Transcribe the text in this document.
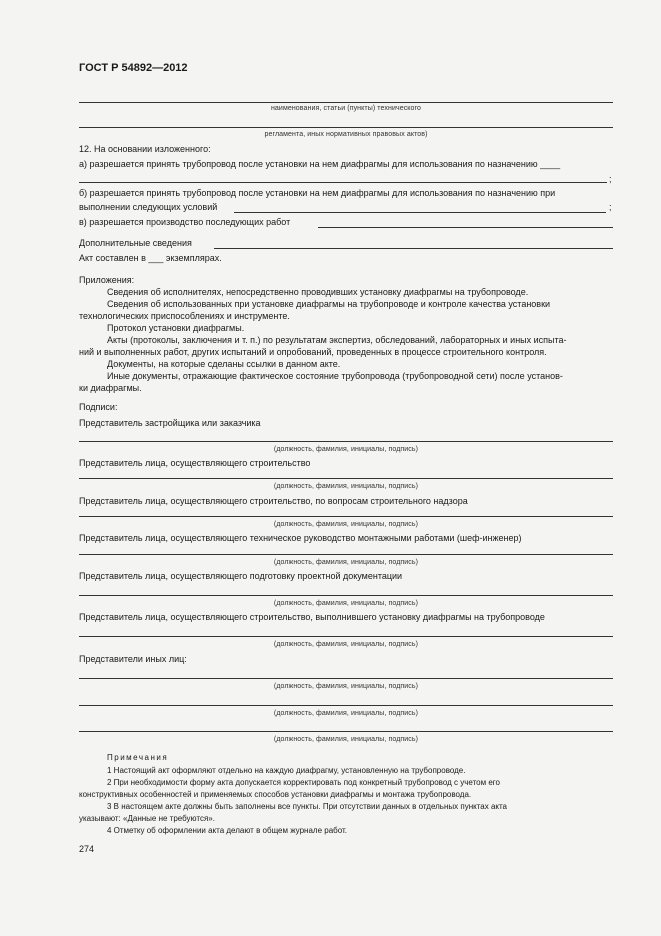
ГОСТ Р 54892—2012
наименования, статьи (пункты) технического
регламента, иных нормативных правовых актов)
12. На основании изложенного:
а) разрешается принять трубопровод после установки на нем диафрагмы для использования по назначению ____
;
б) разрешается принять трубопровод после установки на нем диафрагмы для использования по назначению при
выполнении следующих условий	;
в) разрешается производство последующих работ
Дополнительные сведения
Акт составлен в ___ экземплярах.
Приложения:
Сведения об исполнителях, непосредственно проводивших установку диафрагмы на трубопроводе.
Сведения об использованных при установке диафрагмы на трубопроводе и контроле качества установки
технологических приспособлениях и инструменте.
Протокол установки диафрагмы.
Акты (протоколы, заключения и т. п.) по результатам экспертиз, обследований, лабораторных и иных испыта-
ний и выполненных работ, других испытаний и опробований, проведенных в процессе строительного контроля.
Документы, на которые сделаны ссылки в данном акте.
Иные документы, отражающие фактическое состояние трубопровода (трубопроводной сети) после установ-
ки диафрагмы.
Подписи:
Представитель застройщика или заказчика
(должность, фамилия, инициалы, подпись)
Представитель лица, осуществляющего строительство
(должность, фамилия, инициалы, подпись)
Представитель лица, осуществляющего строительство, по вопросам строительного надзора
(должность, фамилия, инициалы, подпись)
Представитель лица, осуществляющего техническое руководство монтажными работами (шеф-инженер)
(должность, фамилия, инициалы, подпись)
Представитель лица, осуществляющего подготовку проектной документации
(должность, фамилия, инициалы, подпись)
Представитель лица, осуществляющего строительство, выполнившего установку диафрагмы на трубопроводе
(должность, фамилия, инициалы, подпись)
Представители иных лиц:
(должность, фамилия, инициалы, подпись)
(должность, фамилия, инициалы, подпись)
(должность, фамилия, инициалы, подпись)
Примечания
1 Настоящий акт оформляют отдельно на каждую диафрагму, установленную на трубопроводе.
2 При необходимости форму акта допускается корректировать под конкретный трубопровод с учетом его
конструктивных особенностей и применяемых способов установки диафрагмы и монтажа трубопровода.
3 В настоящем акте должны быть заполнены все пункты. При отсутствии данных в отдельных пунктах акта
указывают: «Данные не требуются».
4 Отметку об оформлении акта делают в общем журнале работ.
274
